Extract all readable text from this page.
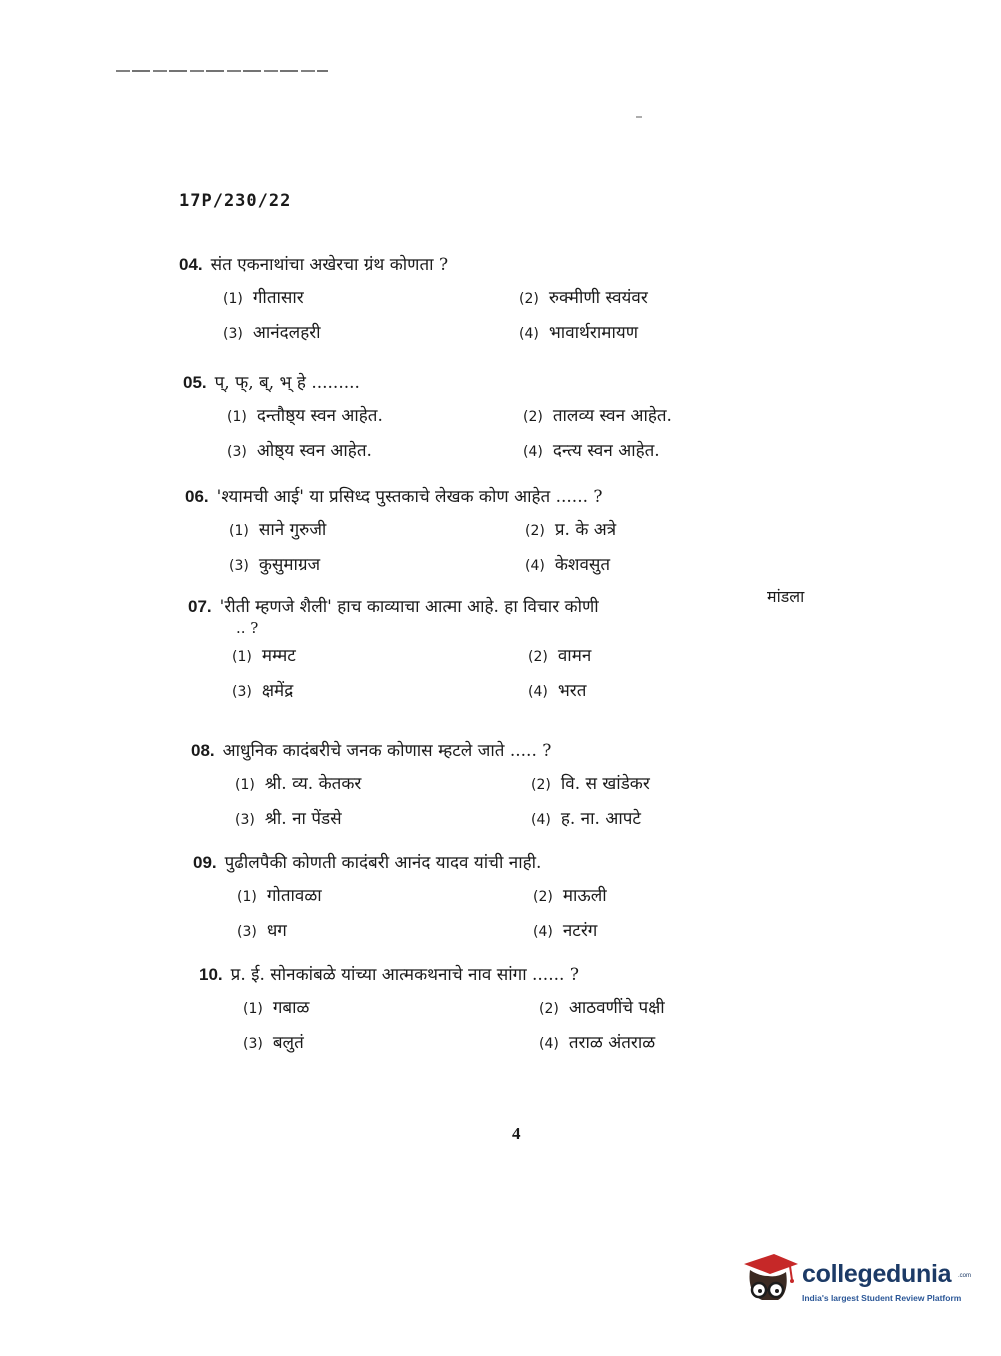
17P/230/22
04. संत एकनाथांचा अखेरचा ग्रंथ कोणता ?
(1) गीतासार	(2) रुक्मीणी स्वयंवर
(3) आनंदलहरी	(4) भावार्थरामायण
05. प्, फ्, ब्, भ् हे .........
(1) दन्तौष्ठ्य स्वन आहेत.	(2) तालव्य स्वन आहेत.
(3) ओष्ठ्य स्वन आहेत.	(4) दन्त्य स्वन आहेत.
06. 'श्यामची आई' या प्रसिध्द पुस्तकाचे लेखक कोण आहेत ...... ?
(1) साने गुरुजी	(2) प्र. के अत्रे
(3) कुसुमाग्रज	(4) केशवसुत
07. 'रीती म्हणजे शैली' हाच काव्याचा आत्मा आहे. हा विचार कोणी
.. ?
(1) मम्मट	(2) वामन
(3) क्षमेंद्र	(4) भरत
मांडला
08. आधुनिक कादंबरीचे जनक कोणास म्हटले जाते ..... ?
(1) श्री. व्य. केतकर	(2) वि. स खांडेकर
(3) श्री. ना पेंडसे	(4) ह. ना. आपटे
09. पुढीलपैकी कोणती कादंबरी आनंद यादव यांची नाही.
(1) गोतावळा	(2) माऊली
(3) धग	(4) नटरंग
10. प्र. ई. सोनकांबळे यांच्या आत्मकथनाचे नाव सांगा ...... ?
(1) गबाळ	(2) आठवणींचे पक्षी
(3) बलुतं	(4) तराळ अंतराळ
4
collegedunia .com
India's largest Student Review Platform
